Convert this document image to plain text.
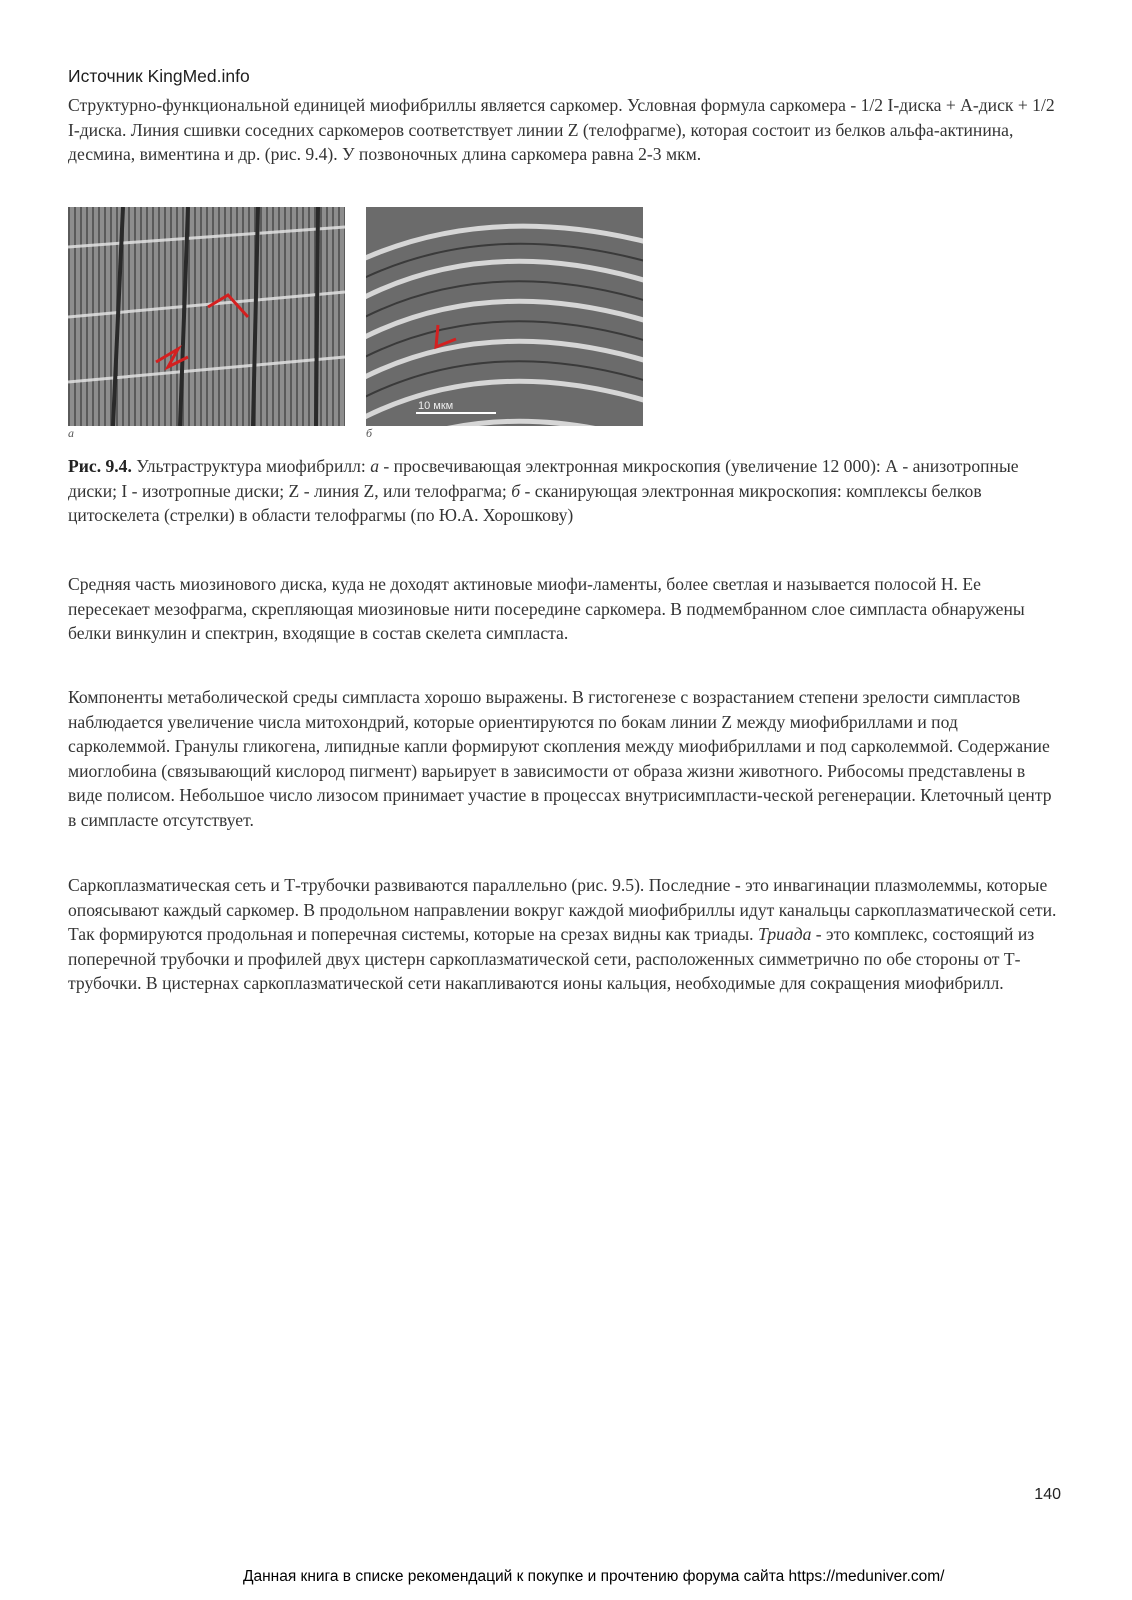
Источник KingMed.info

Структурно-функциональной единицей миофибриллы является саркомер. Условная формула саркомера - 1/2 I-диска + А-диск + 1/2 I-диска. Линия сшивки соседних саркомеров соответствует линии Z (телофрагме), которая состоит из белков альфа-актинина, десмина, виментина и др. (рис. 9.4). У позвоночных длина саркомера равна 2-3 мкм.

10 мкм
а	б

Рис. 9.4. Ультраструктура миофибрилл: а - просвечивающая электронная микроскопия (увеличение 12 000): А - анизотропные диски; I - изотропные диски; Z - линия Z, или телофрагма; б - сканирующая электронная микроскопия: комплексы белков цитоскелета (стрелки) в области телофрагмы (по Ю.А. Хорошкову)

Средняя часть миозинового диска, куда не доходят актиновые миофи-ламенты, более светлая и называется полосой Н. Ее пересекает мезофрагма, скрепляющая миозиновые нити посередине саркомера. В подмембранном слое симпласта обнаружены белки винкулин и спектрин, входящие в состав скелета симпласта.

Компоненты метаболической среды симпласта хорошо выражены. В гистогенезе с возрастанием степени зрелости симпластов наблюдается увеличение числа митохондрий, которые ориентируются по бокам линии Z между миофибриллами и под сарколеммой. Гранулы гликогена, липидные капли формируют скопления между миофибриллами и под сарколеммой. Содержание миоглобина (связывающий кислород пигмент) варьирует в зависимости от образа жизни животного. Рибосомы представлены в виде полисом. Небольшое число лизосом принимает участие в процессах внутрисимпласти-ческой регенерации. Клеточный центр в симпласте отсутствует.

Саркоплазматическая сеть и Т-трубочки развиваются параллельно (рис. 9.5). Последние - это инвагинации плазмолеммы, которые опоясывают каждый саркомер. В продольном направлении вокруг каждой миофибриллы идут канальцы саркоплазматической сети. Так формируются продольная и поперечная системы, которые на срезах видны как триады. Триада - это комплекс, состоящий из поперечной трубочки и профилей двух цистерн саркоплазматической сети, расположенных симметрично по обе стороны от Т-трубочки. В цистернах саркоплазматической сети накапливаются ионы кальция, необходимые для сокращения миофибрилл.

140
Данная книга в списке рекомендаций к покупке и прочтению форума сайта https://meduniver.com/
